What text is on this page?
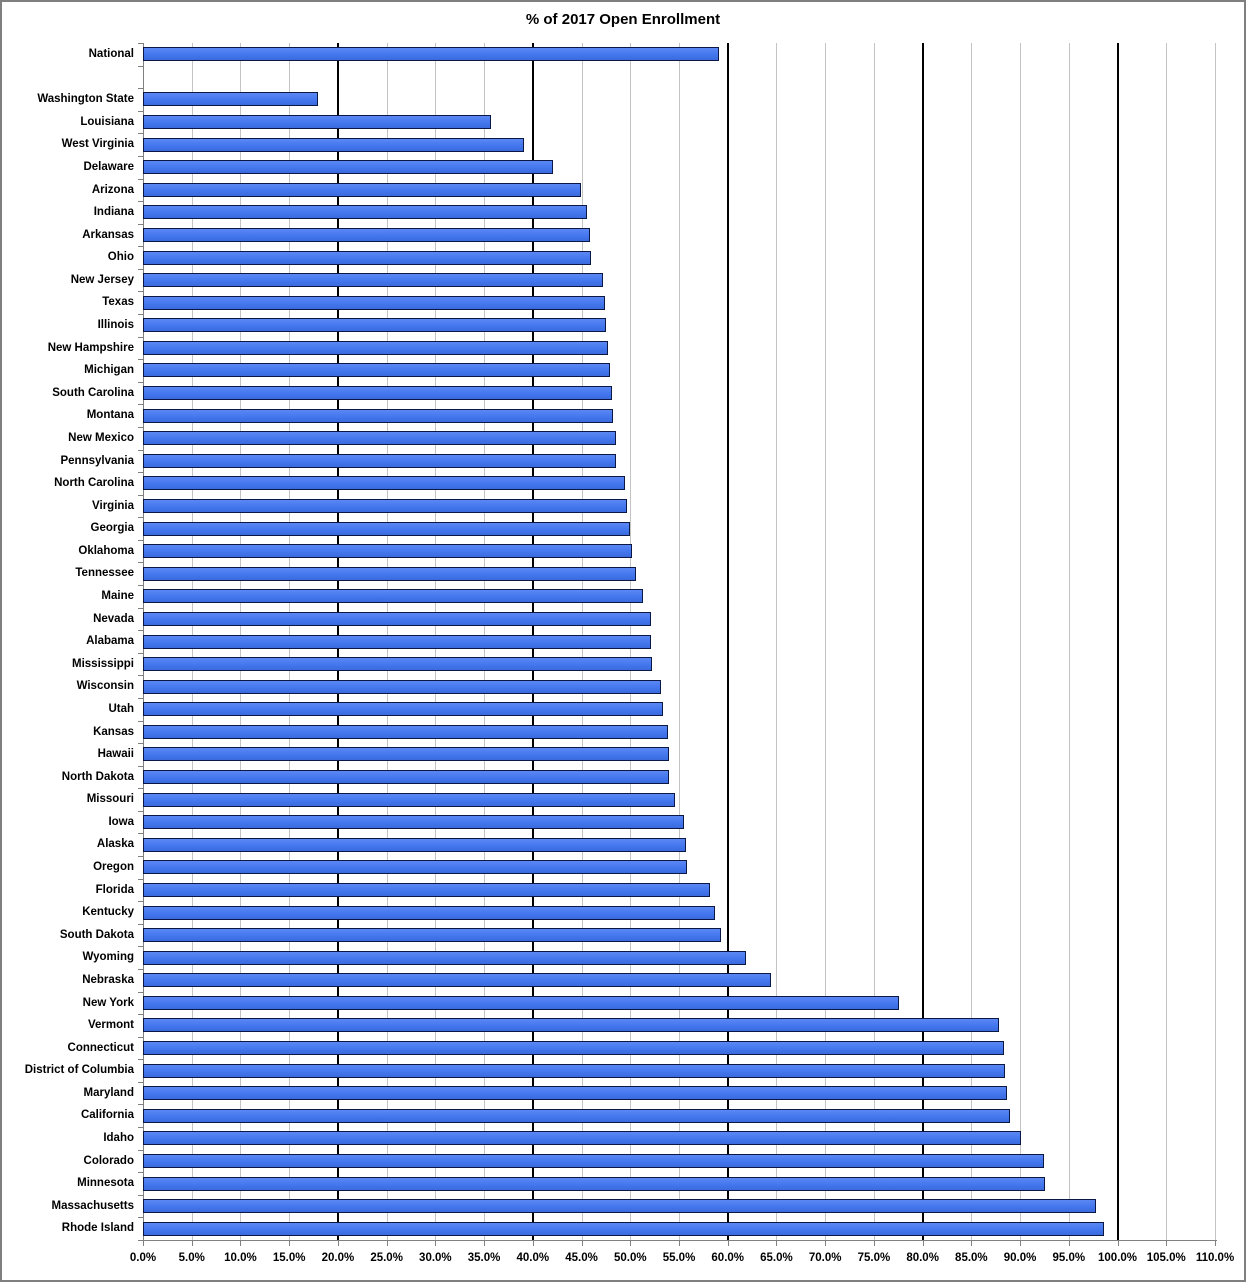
% of 2017 Open Enrollment
National
Washington State
Louisiana
West Virginia
Delaware
Arizona
Indiana
Arkansas
Ohio
New Jersey
Texas
Illinois
New Hampshire
Michigan
South Carolina
Montana
New Mexico
Pennsylvania
North Carolina
Virginia
Georgia
Oklahoma
Tennessee
Maine
Nevada
Alabama
Mississippi
Wisconsin
Utah
Kansas
Hawaii
North Dakota
Missouri
Iowa
Alaska
Oregon
Florida
Kentucky
South Dakota
Wyoming
Nebraska
New York
Vermont
Connecticut
District of Columbia
Maryland
California
Idaho
Colorado
Minnesota
Massachusetts
Rhode Island
0.0%	5.0%	10.0%	15.0%	20.0%	25.0%	30.0%	35.0%	40.0%	45.0%	50.0%	55.0%	60.0%	65.0%	70.0%	75.0%	80.0%	85.0%	90.0%	95.0%	100.0% 105.0% 110.0%
